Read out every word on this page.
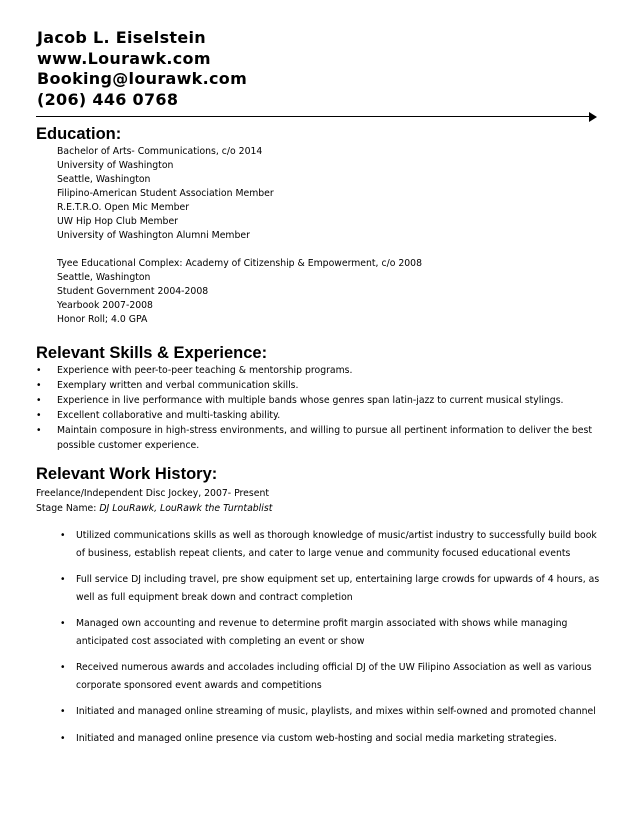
Jacob L. Eiselstein
www.Lourawk.com
Booking@lourawk.com
(206) 446 0768
Education:
Bachelor of Arts- Communications, c/o 2014
University of Washington
Seattle, Washington
Filipino-American Student Association Member
R.E.T.R.O. Open Mic Member
UW Hip Hop Club Member
University of Washington Alumni Member
Tyee Educational Complex: Academy of Citizenship & Empowerment, c/o 2008
Seattle, Washington
Student Government 2004-2008
Yearbook 2007-2008
Honor Roll; 4.0 GPA
Relevant Skills & Experience:
• Experience with peer-to-peer teaching & mentorship programs.
• Exemplary written and verbal communication skills.
• Experience in live performance with multiple bands whose genres span latin-jazz to current musical stylings.
• Excellent collaborative and multi-tasking ability.
• Maintain composure in high-stress environments, and willing to pursue all pertinent information to deliver the best possible customer experience.
Relevant Work History:
Freelance/Independent Disc Jockey, 2007- Present
Stage Name: DJ LouRawk, LouRawk the Turntablist
• Utilized communications skills as well as thorough knowledge of music/artist industry to successfully build book of business, establish repeat clients, and cater to large venue and community focused educational events
• Full service DJ including travel, pre show equipment set up, entertaining large crowds for upwards of 4 hours, as well as full equipment break down and contract completion
• Managed own accounting and revenue to determine profit margin associated with shows while managing anticipated cost associated with completing an event or show
• Received numerous awards and accolades including official DJ of the UW Filipino Association as well as various corporate sponsored event awards and competitions
• Initiated and managed online streaming of music, playlists, and mixes within self-owned and promoted channel
• Initiated and managed online presence via custom web-hosting and social media marketing strategies.
